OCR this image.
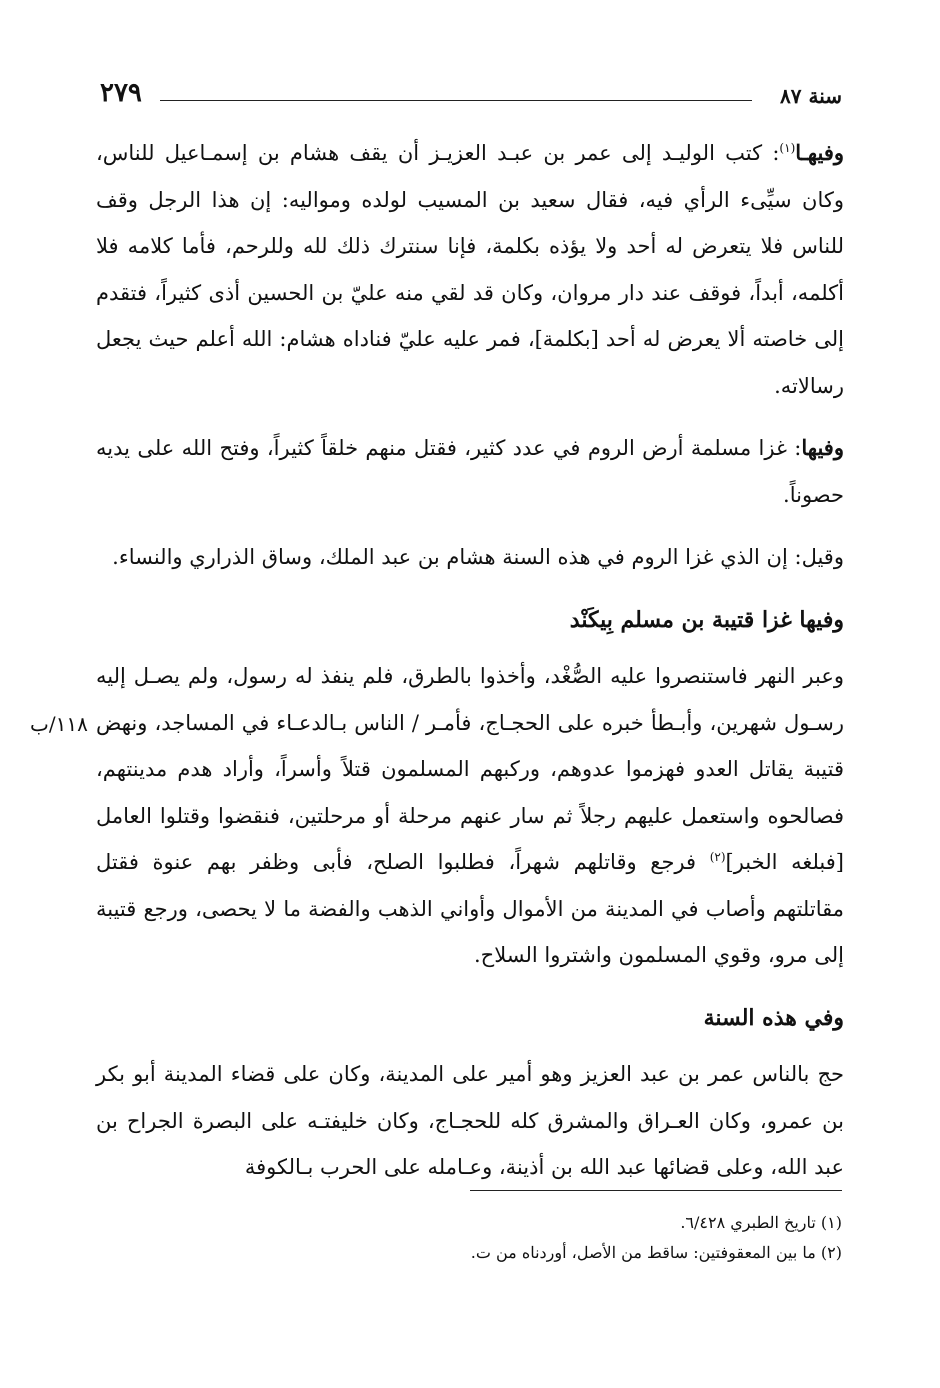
سنة ٨٧
٢٧٩

وفيهـا$^{(١)}$: كتب الوليـد إلى عمر بن عبـد العزيـز أن يقف هشام بن إسمـاعيل للناس، وكان سيِّىء الرأي فيه، فقال سعيد بن المسيب لولده ومواليه: إن هذا الرجل وقف للناس فلا يتعرض له أحد ولا يؤذه بكلمة، فإنا سنترك ذلك لله وللرحم، فأما كلامه فلا أكلمه، أبداً، فوقف عند دار مروان، وكان قد لقي منه عليّ بن الحسين أذى كثيراً، فتقدم إلى خاصته ألا يعرض له أحد [بكلمة]، فمر عليه عليّ فناداه هشام: الله أعلم حيث يجعل رسالاته.

وفيها: غزا مسلمة أرض الروم في عدد كثير، فقتل منهم خلقاً كثيراً، وفتح الله على يديه حصوناً.

وقيل: إن الذي غزا الروم في هذه السنة هشام بن عبد الملك، وساق الذراري والنساء.

وفيها غزا قتيبة بن مسلم بِيكَنْد

وعبر النهر فاستنصروا عليه الصُّغْد، وأخذوا بالطرق، فلم ينفذ له رسول، ولم يصـل إليه رسـول شهرين، وأبـطأ خبره على الحجـاج، فأمـر / الناس بـالدعـاء في المساجد، ونهض قتيبة يقاتل العدو فهزموا عدوهم، وركبهم المسلمون قتلاً وأسراً، وأراد هدم مدينتهم، فصالحوه واستعمل عليهم رجلاً ثم سار عنهم مرحلة أو مرحلتين، فنقضوا وقتلوا العامل [فبلغه الخبر]$^{(٢)}$ فرجع وقاتلهم شهراً، فطلبوا الصلح، فأبى وظفر بهم عنوة فقتل مقاتلتهم وأصاب في المدينة من الأموال وأواني الذهب والفضة ما لا يحصى، ورجع قتيبة إلى مرو، وقوي المسلمون واشتروا السلاح.

وفي هذه السنة

حج بالناس عمر بن عبد العزيز وهو أمير على المدينة، وكان على قضاء المدينة أبو بكر بن عمرو، وكان العـراق والمشرق كله للحجـاج، وكان خليفتـه على البصرة الجراح بن عبد الله، وعلى قضائها عبد الله بن أذينة، وعـامله على الحرب بـالكوفة

١١٨/ب
(١) تاريخ الطبري ٦/٤٢٨.
(٢) ما بين المعقوفتين: ساقط من الأصل، أوردناه من ت.
